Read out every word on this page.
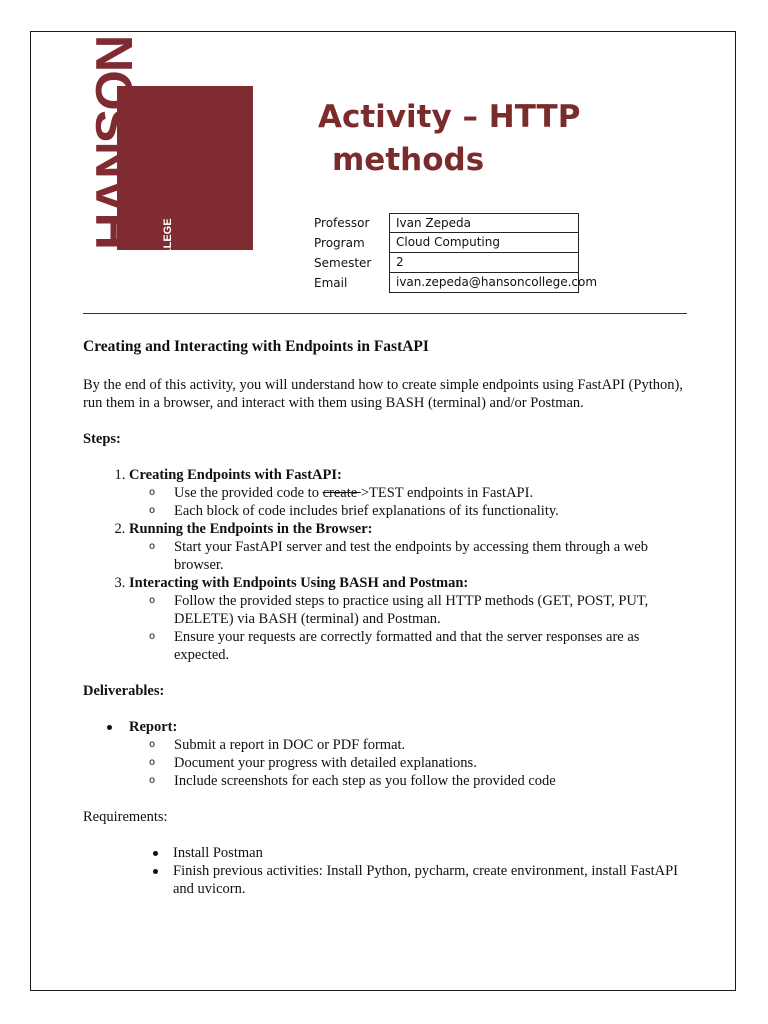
HANSON COLLEGE
Activity – HTTP
methods
Professor	Ivan Zepeda
Program	Cloud Computing
Semester	2
Email	ivan.zepeda@hansoncollege.com
Creating and Interacting with Endpoints in FastAPI

By the end of this activity, you will understand how to create simple endpoints using FastAPI (Python), run them in a browser, and interact with them using BASH (terminal) and/or Postman.

Steps:

1. Creating Endpoints with FastAPI:
o Use the provided code to create >TEST endpoints in FastAPI.
o Each block of code includes brief explanations of its functionality.
2. Running the Endpoints in the Browser:
o Start your FastAPI server and test the endpoints by accessing them through a web browser.
3. Interacting with Endpoints Using BASH and Postman:
o Follow the provided steps to practice using all HTTP methods (GET, POST, PUT, DELETE) via BASH (terminal) and Postman.
o Ensure your requests are correctly formatted and that the server responses are as expected.

Deliverables:

Report:
o Submit a report in DOC or PDF format.
o Document your progress with detailed explanations.
o Include screenshots for each step as you follow the provided code

Requirements:

Install Postman
Finish previous activities: Install Python, pycharm, create environment, install FastAPI and uvicorn.
